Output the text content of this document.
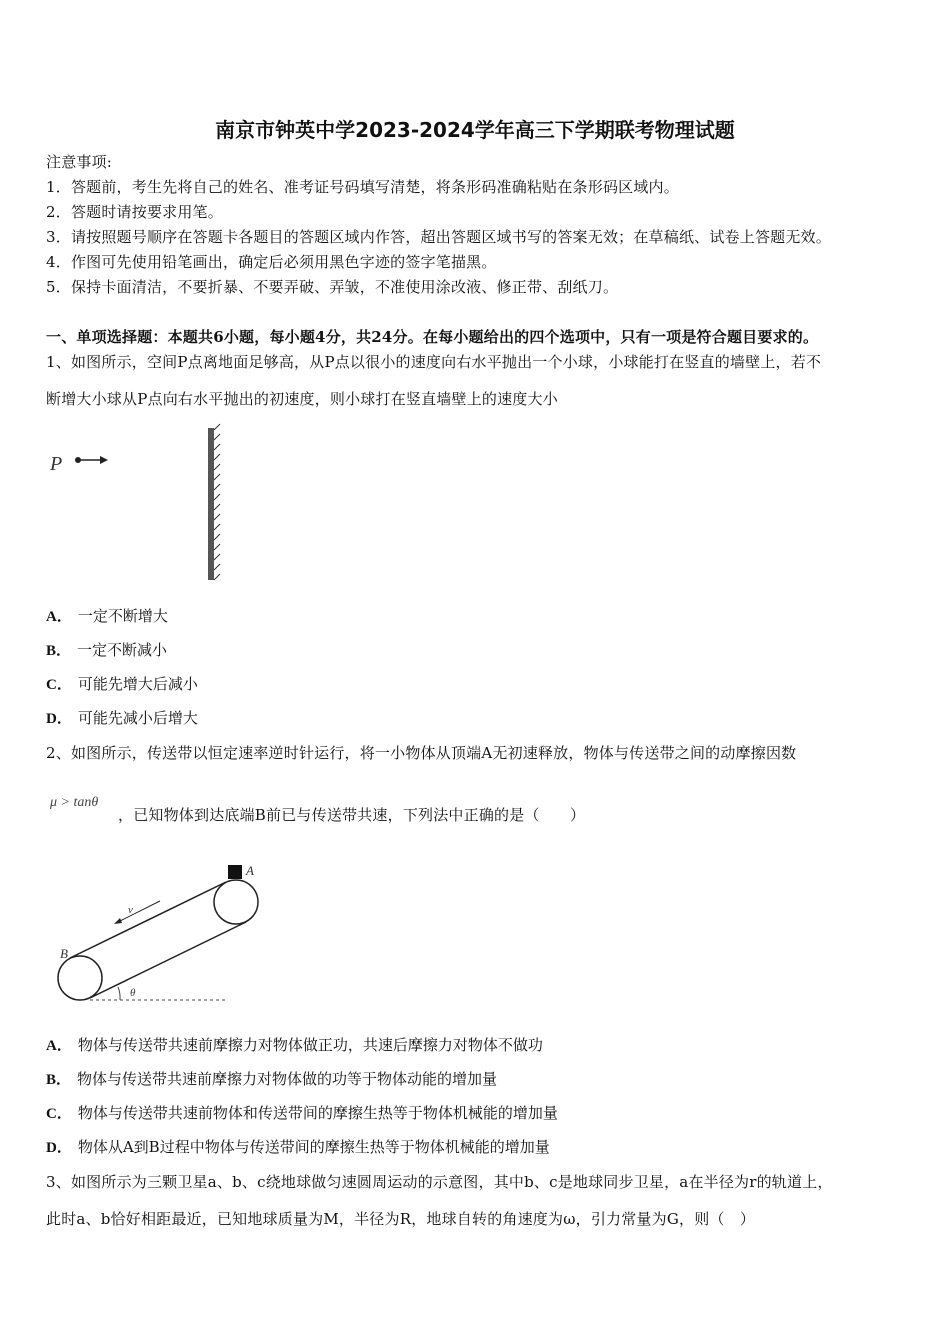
南京市钟英中学2023-2024学年高三下学期联考物理试题
注意事项:
1．答题前，考生先将自己的姓名、准考证号码填写清楚，将条形码准确粘贴在条形码区域内。
2．答题时请按要求用笔。
3．请按照题号顺序在答题卡各题目的答题区域内作答，超出答题区域书写的答案无效；在草稿纸、试卷上答题无效。
4．作图可先使用铅笔画出，确定后必须用黑色字迹的签字笔描黑。
5．保持卡面清洁，不要折暴、不要弄破、弄皱，不准使用涂改液、修正带、刮纸刀。
一、单项选择题：本题共6小题，每小题4分，共24分。在每小题给出的四个选项中，只有一项是符合题目要求的。
1、如图所示，空间P点离地面足够高，从P点以很小的速度向右水平抛出一个小球，小球能打在竖直的墙壁上，若不
断增大小球从P点向右水平抛出的初速度，则小球打在竖直墙壁上的速度大小
P
A． 一定不断增大
B． 一定不断减小
C． 可能先增大后减小
D． 可能先减小后增大
2、如图所示，传送带以恒定速率逆时针运行，将一小物体从顶端A无初速释放，物体与传送带之间的动摩擦因数
μ > tanθ
，已知物体到达底端B前已与传送带共速，下列法中正确的是（　　）
A
B
v
θ
A． 物体与传送带共速前摩擦力对物体做正功，共速后摩擦力对物体不做功
B． 物体与传送带共速前摩擦力对物体做的功等于物体动能的增加量
C． 物体与传送带共速前物体和传送带间的摩擦生热等于物体机械能的增加量
D． 物体从A到B过程中物体与传送带间的摩擦生热等于物体机械能的增加量
3、如图所示为三颗卫星a、b、c绕地球做匀速圆周运动的示意图，其中b、c是地球同步卫星，a在半径为r的轨道上，
此时a、b恰好相距最近，已知地球质量为M，半径为R，地球自转的角速度为ω，引力常量为G，则（　）
